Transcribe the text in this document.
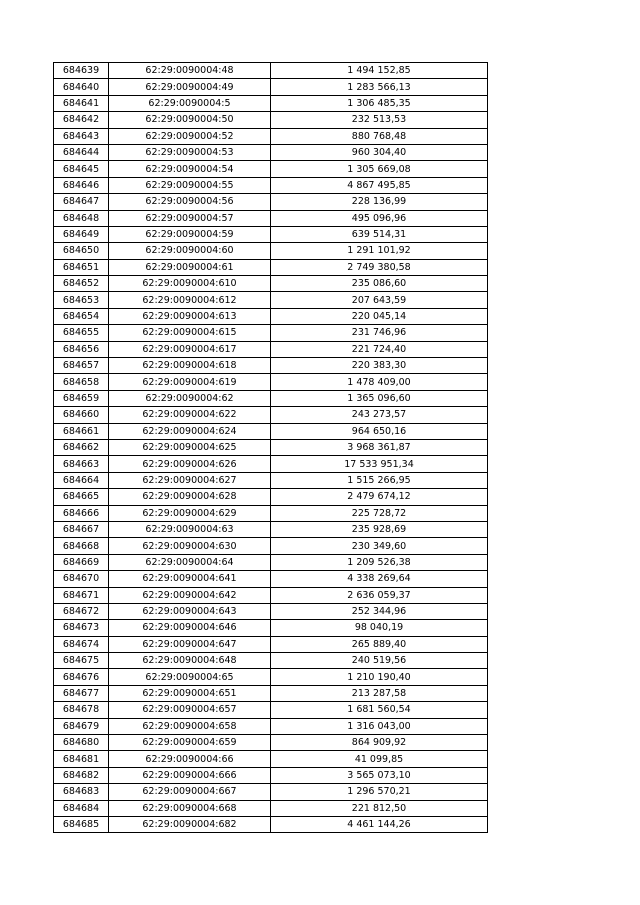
684639	62:29:0090004:48	1 494 152,85
684640	62:29:0090004:49	1 283 566,13
684641	62:29:0090004:5	1 306 485,35
684642	62:29:0090004:50	232 513,53
684643	62:29:0090004:52	880 768,48
684644	62:29:0090004:53	960 304,40
684645	62:29:0090004:54	1 305 669,08
684646	62:29:0090004:55	4 867 495,85
684647	62:29:0090004:56	228 136,99
684648	62:29:0090004:57	495 096,96
684649	62:29:0090004:59	639 514,31
684650	62:29:0090004:60	1 291 101,92
684651	62:29:0090004:61	2 749 380,58
684652	62:29:0090004:610	235 086,60
684653	62:29:0090004:612	207 643,59
684654	62:29:0090004:613	220 045,14
684655	62:29:0090004:615	231 746,96
684656	62:29:0090004:617	221 724,40
684657	62:29:0090004:618	220 383,30
684658	62:29:0090004:619	1 478 409,00
684659	62:29:0090004:62	1 365 096,60
684660	62:29:0090004:622	243 273,57
684661	62:29:0090004:624	964 650,16
684662	62:29:0090004:625	3 968 361,87
684663	62:29:0090004:626	17 533 951,34
684664	62:29:0090004:627	1 515 266,95
684665	62:29:0090004:628	2 479 674,12
684666	62:29:0090004:629	225 728,72
684667	62:29:0090004:63	235 928,69
684668	62:29:0090004:630	230 349,60
684669	62:29:0090004:64	1 209 526,38
684670	62:29:0090004:641	4 338 269,64
684671	62:29:0090004:642	2 636 059,37
684672	62:29:0090004:643	252 344,96
684673	62:29:0090004:646	98 040,19
684674	62:29:0090004:647	265 889,40
684675	62:29:0090004:648	240 519,56
684676	62:29:0090004:65	1 210 190,40
684677	62:29:0090004:651	213 287,58
684678	62:29:0090004:657	1 681 560,54
684679	62:29:0090004:658	1 316 043,00
684680	62:29:0090004:659	864 909,92
684681	62:29:0090004:66	41 099,85
684682	62:29:0090004:666	3 565 073,10
684683	62:29:0090004:667	1 296 570,21
684684	62:29:0090004:668	221 812,50
684685	62:29:0090004:682	4 461 144,26
